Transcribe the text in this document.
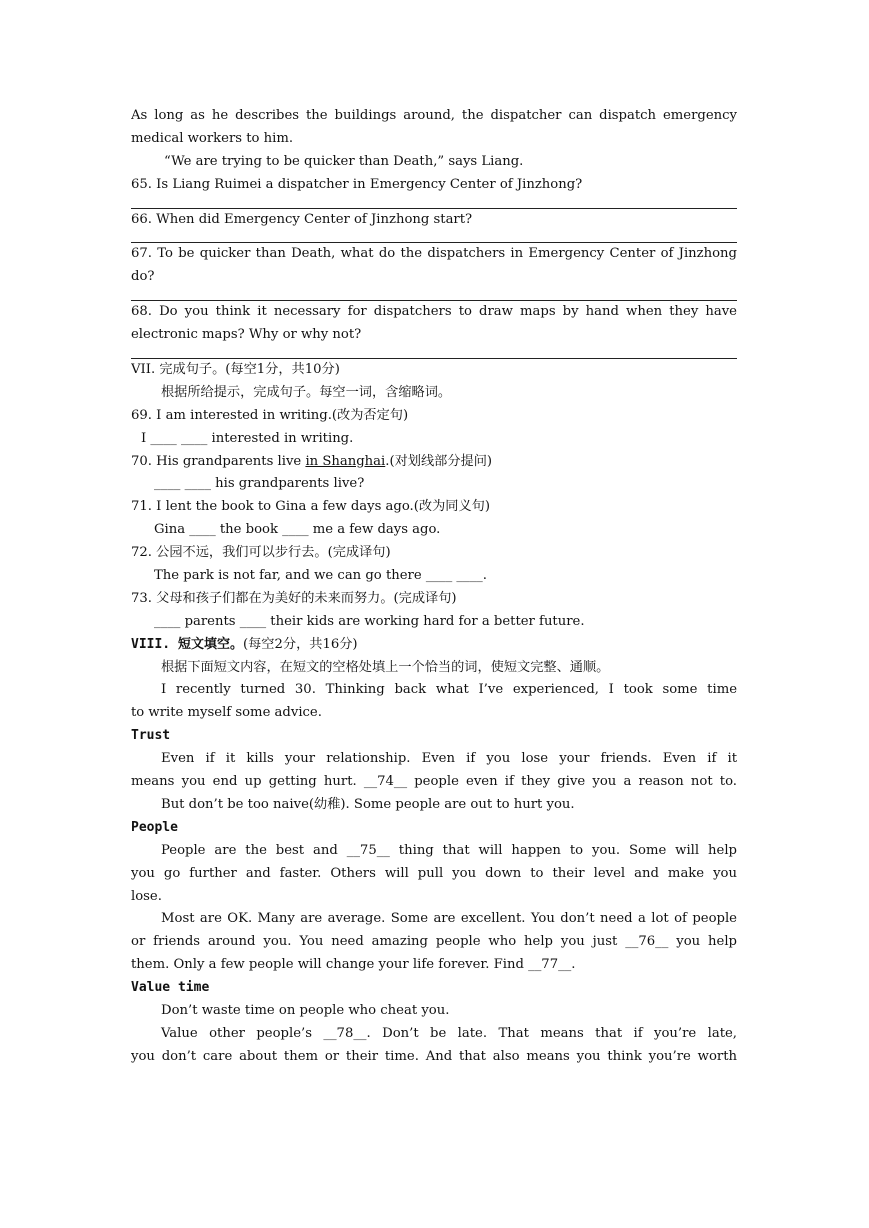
As long as he describes the buildings around, the dispatcher can dispatch emergency
medical workers to him.
“We are trying to be quicker than Death,” says Liang.
65. Is Liang Ruimei a dispatcher in Emergency Center of Jinzhong?
66. When did Emergency Center of Jinzhong start?
67. To be quicker than Death, what do the dispatchers in Emergency Center of Jinzhong
do?
68. Do you think it necessary for dispatchers to draw maps by hand when they have
electronic maps? Why or why not?
VII. 完成句子。(每空1分，共10分)
根据所给提示，完成句子。每空一词，含缩略词。
69. I am interested in writing.(改为否定句)
I ____ ____ interested in writing.
70. His grandparents live in Shanghai.(对划线部分提问)
____ ____ his grandparents live?
71. I lent the book to Gina a few days ago.(改为同义句)
Gina ____ the book ____ me a few days ago.
72. 公园不远，我们可以步行去。(完成译句)
The park is not far, and we can go there ____ ____.
73. 父母和孩子们都在为美好的未来而努力。(完成译句)
____ parents ____ their kids are working hard for a better future.
VIII. 短文填空。(每空2分，共16分)
根据下面短文内容，在短文的空格处填上一个恰当的词，使短文完整、通顺。
I recently turned 30. Thinking back what I’ve experienced, I took some time
to write myself some advice.
Trust
Even if it kills your relationship. Even if you lose your friends. Even if it
means you end up getting hurt. __74__ people even if they give you a reason not to.
But don’t be too naive(幼稚). Some people are out to hurt you.
People
People are the best and __75__ thing that will happen to you. Some will help
you go further and faster. Others will pull you down to their level and make you
lose.
Most are OK. Many are average. Some are excellent. You don’t need a lot of people
or friends around you. You need amazing people who help you just __76__ you help
them. Only a few people will change your life forever. Find __77__.
Value time
Don’t waste time on people who cheat you.
Value other people’s __78__. Don’t be late. That means that if you’re late,
you don’t care about them or their time. And that also means you think you’re worth
